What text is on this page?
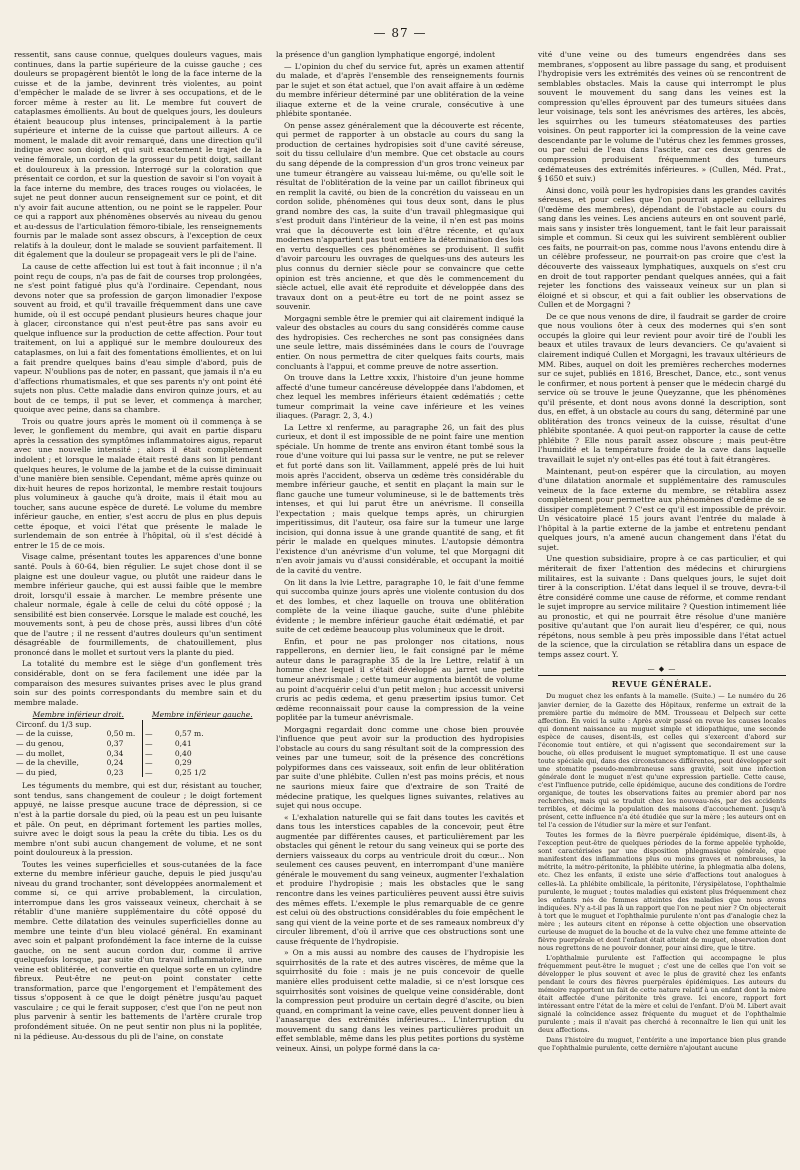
— 87 —

ressentit, sans cause connue, quelques douleurs vagues, mais continues, dans la partie supérieure de la cuisse gauche ; ces douleurs se propagèrent bientôt le long de la face interne de la cuisse et de la jambe, devinrent très violentes, au point d'empêcher le malade de se livrer à ses occupations, et de le forcer même à rester au lit. Le membre fut couvert de cataplasmes émollients. Au bout de quelques jours, les douleurs étaient beaucoup plus intenses, principalement à la partie supérieure et interne de la cuisse que partout ailleurs. A ce moment, le malade dit avoir remarqué, dans une direction qu'il indique avec son doigt, et qui suit exactement le trajet de la veine fémorale, un cordon de la grosseur du petit doigt, saillant et douloureux à la pression. Interrogé sur la coloration que présentait ce cordon, et sur la question de savoir si l'on voyait à la face interne du membre, des traces rouges ou violacées, le sujet ne peut donner aucun renseignement sur ce point, et dit n'y avoir fait aucune attention, ou ne point se le rappeler. Pour ce qui a rapport aux phénomènes observés au niveau du genou et au-dessus de l'articulation fémoro-tibiale, les renseignements fournis par le malade sont assez obscurs, à l'exception de ceux relatifs à la douleur, dont le malade se souvient parfaitement. Il dit également que la douleur se propageait vers le pli de l'aine.

La cause de cette affection lui est tout à fait inconnue ; il n'a point reçu de coups, n'a pas de fait de courses trop prolongées, ne s'est point fatigué plus qu'à l'ordinaire. Cependant, nous devons noter que sa profession de garçon limonadier l'expose souvent au froid, et qu'il travaille fréquemment dans une cave humide, où il est occupé pendant plusieurs heures chaque jour à glacer, circonstance qui n'est peut-être pas sans avoir eu quelque influence sur la production de cette affection. Pour tout traitement, on lui a appliqué sur le membre douloureux des cataplasmes, on lui a fait des fomentations émollientes, et on lui a fait prendre quelques bains d'eau simple d'abord, puis de vapeur. N'oublions pas de noter, en passant, que jamais il n'a eu d'affections rhumatismales, et que ses parents n'y ont point été sujets non plus. Cette maladie dans environ quinze jours, et au bout de ce temps, il put se lever, et commença à marcher, quoique avec peine, dans sa chambre.

Trois ou quatre jours après le moment où il commença à se lever, le gonflement du membre, qui avait en partie disparu après la cessation des symptômes inflammatoires aigus, reparut avec une nouvelle intensité ; alors il était complètement indolent ; et lorsque le malade était resté dans son lit pendant quelques heures, le volume de la jambe et de la cuisse diminuait d'une manière bien sensible. Cependant, même après quinze ou dix-huit heures de repos horizontal, le membre restait toujours plus volumineux à gauche qu'à droite, mais il était mou au toucher, sans aucune espèce de dureté. Le volume du membre inférieur gauche, en entier, s'est accru de plus en plus depuis cette époque, et voici l'état que présente le malade le surlendemain de son entrée à l'hôpital, où il s'est décidé à entrer le 15 de ce mois.

Visage calme, présentant toutes les apparences d'une bonne santé. Pouls à 60-64, bien régulier. Le sujet chose dont il se plaigne est une douleur vague, ou plutôt une raideur dans le membre inférieur gauche, qui est aussi faible que le membre droit, lorsqu'il essaie à marcher. Le membre présente une chaleur normale, égale à celle de celui du côté opposé ; la sensibilité est bien conservée. Lorsque le malade est couché, les mouvements sont, à peu de chose près, aussi libres d'un côté que de l'autre ; il ne ressent d'autres douleurs qu'un sentiment désagréable de fourmillements, de chatouillement, plus prononcé dans le mollet et surtout vers la plante du pied.

La totalité du membre est le siège d'un gonflement très considérable, dont on se fera facilement une idée par la comparaison des mesures suivantes prises avec le plus grand soin sur des points correspondants du membre sain et du membre malade.

Membre inférieur droit.		Membre inférieur gauche.	
Circonf. du 1/3 sup.			
— de la cuisse,	0,50 m.	—	0,57 m.
— du genou,	0,37	—	0,41
— du mollet,	0,34	—	0,40
— de la cheville,	0,24	—	0,29
— du pied,	0,23	—	0,25 1/2

Les téguments du membre, qui est dur, résistant au toucher, sont tendus, sans changement de couleur ; le doigt fortement appuyé, ne laisse presque aucune trace de dépression, si ce n'est à la partie dorsale du pied, où la peau est un peu luisante et pâle. On peut, en déprimant fortement les parties molles, suivre avec le doigt sous la peau la crête du tibia. Les os du membre n'ont subi aucun changement de volume, et ne sont point douloureux à la pression.

Toutes les veines superficielles et sous-cutanées de la face externe du membre inférieur gauche, depuis le pied jusqu'au niveau du grand trochanter, sont développées anormalement et comme si, ce qui arrive probablement, la circulation, interrompue dans les gros vaisseaux veineux, cherchait à se rétablir d'une manière supplémentaire du côté opposé du membre. Cette dilatation des veinules superficielles donne au membre une teinte d'un bleu violacé général. En examinant avec soin et palpant profondément la face interne de la cuisse gauche, on ne sent aucun cordon dur, comme il arrive quelquefois lorsque, par suite d'un travail inflammatoire, une veine est oblitérée, et convertie en quelque sorte en un cylindre fibreux. Peut-être ne peut-on point constater cette transformation, parce que l'engorgement et l'empâtement des tissus s'opposent à ce que le doigt pénètre jusqu'au paquet vasculaire ; ce qui le ferait supposer, c'est que l'on ne peut non plus parvenir à sentir les battements de l'artère crurale trop profondément située. On ne peut sentir non plus ni la poplitée, ni la pédieuse. Au-dessous du pli de l'aine, on constate

la présence d'un ganglion lymphatique engorgé, indolent

— L'opinion du chef du service fut, après un examen attentif du malade, et d'après l'ensemble des renseignements fournis par le sujet et son état actuel, que l'on avait affaire à un œdème du membre inférieur déterminé par une oblitération de la veine iliaque externe et de la veine crurale, consécutive à une phlébite spontanée.

On pense assez généralement que la découverte est récente, qui permet de rapporter à un obstacle au cours du sang la production de certaines hydropisies soit d'une cavité séreuse, soit du tissu cellulaire d'un membre. Que cet obstacle au cours du sang dépende de la compression d'un gros tronc veineux par une tumeur étrangère au vaisseau lui-même, ou qu'elle soit le résultat de l'oblitération de la veine par un caillot fibrineux qui en remplit la cavité, ou bien de la concrétion du vaisseau en un cordon solide, phénomènes qui tous deux sont, dans le plus grand nombre des cas, la suite d'un travail phlegmasique qui s'est produit dans l'intérieur de la veine, il n'en est pas moins vrai que la découverte est loin d'être récente, et qu'aux modernes n'appartient pas tout entière la détermination des lois en vertu desquelles ces phénomènes se produisent. Il suffit d'avoir parcouru les ouvrages de quelques-uns des auteurs les plus connus du dernier siècle pour se convaincre que cette opinion est très ancienne, et que dès le commencement du siècle actuel, elle avait été reproduite et développée dans des travaux dont on a peut-être eu tort de ne point assez se souvenir.

Morgagni semble être le premier qui ait clairement indiqué la valeur des obstacles au cours du sang considérés comme cause des hydropisies. Ces recherches ne sont pas consignées dans une seule lettre, mais disséminées dans le cours de l'ouvrage entier. On nous permettra de citer quelques faits courts, mais concluants à l'appui, et comme preuve de notre assertion.

On trouve dans la Lettre xxxix, l'histoire d'un jeune homme affecté d'une tumeur cancéreuse développée dans l'abdomen, et chez lequel les membres inférieurs étaient œdématiés ; cette tumeur comprimait la veine cave inférieure et les veines iliaques. (Paragr. 2, 3, 4.)

La Lettre xl renferme, au paragraphe 26, un fait des plus curieux, et dont il est impossible de ne point faire une mention spéciale. Un homme de trente ans environ étant tombé sous la roue d'une voiture qui lui passa sur le ventre, ne put se relever et fut porté dans son lit. Vaillamment, appelé près de lui huit mois après l'accident, observa un œdème très considérable du membre inférieur gauche, et sentit en plaçant la main sur le flanc gauche une tumeur volumineuse, si le de battements très intenses, et qui lui parut être un anévrisme. Il conseilla l'expectation ; mais quelque temps après, un chirurgien imperitissimus, dit l'auteur, osa faire sur la tumeur une large incision, qui donna issue à une grande quantité de sang, et fit périr le malade en quelques minutes. L'autopsie démontra l'existence d'un anévrisme d'un volume, tel que Morgagni dit n'en avoir jamais vu d'aussi considérable, et occupant la moitié de la cavité du ventre.

On lit dans la lvie Lettre, paragraphe 10, le fait d'une femme qui succomba quinze jours après une violente contusion du dos et des lombes, et chez laquelle on trouva une oblitération complète de la veine iliaque gauche, suite d'une phlébite évidente ; le membre inférieur gauche était œdématié, et par suite de cet œdème beaucoup plus volumineux que le droit.

Enfin, et pour ne pas prolonger nos citations, nous rappellerons, en dernier lieu, le fait consigné par le même auteur dans le paragraphe 35 de la lre Lettre, relatif à un homme chez lequel il s'était développé au jarret une petite tumeur anévrismale ; cette tumeur augmenta bientôt de volume au point d'acquérir celui d'un petit melon ; huc accessit universi cruris ac pedis œdema, et genu præsertim ipsius tumor. Cet œdème reconnaissait pour cause la compression de la veine poplitée par la tumeur anévrismale.

Morgagni regardait donc comme une chose bien prouvée l'influence que peut avoir sur la production des hydropisies l'obstacle au cours du sang résultant soit de la compression des veines par une tumeur, soit de la présence des concrétions polypiformes dans ces vaisseaux, soit enfin de leur oblitération par suite d'une phlébite. Cullen n'est pas moins précis, et nous ne saurions mieux faire que d'extraire de son Traité de médecine pratique, les quelques lignes suivantes, relatives au sujet qui nous occupe.

« L'exhalation naturelle qui se fait dans toutes les cavités et dans tous les interstices capables de la concevoir, peut être augmentée par différentes causes, et particulièrement par les obstacles qui gênent le retour du sang veineux qui se porte des derniers vaisseaux du corps au ventricule droit du cœur... Non seulement ces causes peuvent, en interrompant d'une manière générale le mouvement du sang veineux, augmenter l'exhalation et produire l'hydropisie ; mais les obstacles que le sang rencontre dans les veines particulières peuvent aussi être suivis des mêmes effets. L'exemple le plus remarquable de ce genre est celui où des obstructions considérables du foie empêchent le sang qui vient de la veine porte et de ses rameaux nombreux d'y circuler librement, d'où il arrive que ces obstructions sont une cause fréquente de l'hydropisie.

» On a mis aussi au nombre des causes de l'hydropisie les squirrhosités de la rate et des autres viscères, de même que la squirrhosité du foie : mais je ne puis concevoir de quelle manière elles produisent cette maladie, si ce n'est lorsque ces squirrhosités sont voisines de quelque veine considérable, dont la compression peut produire un certain degré d'ascite, ou bien quand, en comprimant la veine cave, elles peuvent donner lieu à l'anasarque des extrémités inférieures... L'interruption du mouvement du sang dans les veines particulières produit un effet semblable, même dans les plus petites portions du système veineux. Ainsi, un polype formé dans la ca-

vité d'une veine ou des tumeurs engendrées dans ses membranes, s'opposent au libre passage du sang, et produisent l'hydropisie vers les extrémités des veines où se rencontrent de semblables obstacles. Mais la cause qui interrompt le plus souvent le mouvement du sang dans les veines est la compression qu'elles éprouvent par des tumeurs situées dans leur voisinage, tels sont les anévrismes des artères, les abcès, les squirrhes ou les tumeurs stéatomateuses des parties voisines. On peut rapporter ici la compression de la veine cave descendante par le volume de l'utérus chez les femmes grosses, ou par celui de l'eau dans l'ascite, car ces deux genres de compression produisent fréquemment des tumeurs œdémateuses des extrémités inférieures. » (Cullen, Méd. Prat., § 1650 et suiv.)

Ainsi donc, voilà pour les hydropisies dans les grandes cavités séreuses, et pour celles que l'on pourrait appeler cellulaires (l'œdème des membres), dépendant de l'obstacle au cours du sang dans les veines. Les anciens auteurs en ont souvent parlé, mais sans y insister très longuement, tant le fait leur paraissait simple et commun. Si ceux qui les suivirent semblèrent oublier ces faits, ne pourrait-on pas, comme nous l'avons entendu dire à un célèbre professeur, ne pourrait-on pas croire que c'est la découverte des vaisseaux lymphatiques, auxquels on s'est cru en droit de tout rapporter pendant quelques années, qui a fait rejeter les fonctions des vaisseaux veineux sur un plan si éloigné et si obscur, et qui a fait oublier les observations de Cullen et de Morgagni ?

De ce que nous venons de dire, il faudrait se garder de croire que nous voulions ôter à ceux des modernes qui s'en sont occupés la gloire qui leur revient pour avoir tiré de l'oubli les beaux et utiles travaux de leurs devanciers. Ce qu'avaient si clairement indiqué Cullen et Morgagni, les travaux ultérieurs de MM. Ribes, auquel on doit les premières recherches modernes sur ce sujet, publiés en 1816, Breschet, Dance, etc., sont venus le confirmer, et nous portent à penser que le médecin chargé du service où se trouve le jeune Queyzanne, que les phénomènes qu'il présente, et dont nous avons donné la description, sont dus, en effet, à un obstacle au cours du sang, déterminé par une oblitération des troncs veineux de la cuisse, résultat d'une phlébite spontanée. A quoi peut-on rapporter la cause de cette phlébite ? Elle nous paraît assez obscure ; mais peut-être l'humidité et la température froide de la cave dans laquelle travaillait le sujet n'y ont-elles pas été tout à fait étrangères.

Maintenant, peut-on espérer que la circulation, au moyen d'une dilatation anormale et supplémentaire des ramuscules veineux de la face externe du membre, se rétablira assez complètement pour permettre aux phénomènes d'œdème de se dissiper complètement ? C'est ce qu'il est impossible de prévoir. Un vésicatoire placé 15 jours avant l'entrée du malade à l'hôpital à la partie externe de la jambe et entretenu pendant quelques jours, n'a amené aucun changement dans l'état du sujet.

Une question subsidiaire, propre à ce cas particulier, et qui mériterait de fixer l'attention des médecins et chirurgiens militaires, est la suivante : Dans quelques jours, le sujet doit tirer à la conscription. L'état dans lequel il se trouve, devra-t-il être considéré comme une cause de réforme, et comme rendant le sujet impropre au service militaire ? Question intimement liée au pronostic, et qui ne pourrait être résolue d'une manière positive qu'autant que l'on aurait lieu d'espérer, ce qui, nous répétons, nous semble à peu près impossible dans l'état actuel de la science, que la circulation se rétablira dans un espace de temps assez court. Y.

— ◆ —
REVUE GÉNÉRALE.

Du muguet chez les enfants à la mamelle. (Suite.) — Le numéro du 26 janvier dernier, de la Gazette des Hôpitaux, renferme un extrait de la première partie du mémoire de MM. Trousseau et Delpech sur cette affection. En voici la suite : Après avoir passé en revue les causes locales qui donnent naissance au muguet simple et idiopathique, une seconde espèce de causes, disent-ils, est celles qui s'exercent d'abord sur l'économie tout entière, et qui n'agissent que secondairement sur la bouche, où elles produisent le muguet symptomatique. Il est une cause toute spéciale qui, dans des circonstances différentes, peut développer soit une stomatite pseudo-membraneuse sans gravité, soit une infection générale dont le muguet n'est qu'une expression partielle. Cette cause, c'est l'influence putride, celle épidémique, aucune des conditions de l'ordre organique, de toutes les observations faites au premier abord par nos recherches, mais qui se traduit chez les nouveau-nés, par des accidents terribles, et décime la population des maisons d'accouchement. Jusqu'à présent, cette influence n'a été étudiée que sur la mère ; les auteurs ont en tel l'a cession de l'étudier sur la mère et sur l'enfant.

Toutes les formes de la fièvre puerpérale épidémique, disent-ils, à l'exception peut-être de quelques périodes de la forme appelée typhoïde, sont caractérisées par une disposition phlegmasique générale, que manifestent des inflammations plus ou moins graves et nombreuses, la métrite, la métro-péritonite, la phlébite utérine, la phlegmatia alba dolens, etc. Chez les enfants, il existe une série d'affections tout analogues à celles-là. La phlébite ombilicale, la péritonite, l'érysipèlatose, l'ophthalmie purulente, le muguet ; toutes maladies qui existent plus fréquemment chez les enfants nés de femmes atteintes des maladies que nous avons indiquées. N'y a-t-il pas là un rapport que l'on ne peut nier ? On objecterait à tort que le muguet et l'ophthalmie purulente n'ont pas d'analogie chez la mère ; les auteurs citent en réponse à cette objection une observation curieuse de muguet de la bouche et de la vulve chez une femme atteinte de fièvre puerpérale et dont l'enfant était atteint de muguet, observation dont nous regrettons de ne pouvoir donner, pour ainsi dire, que le titre.

L'ophthalmie purulente est l'affection qui accompagne le plus fréquemment peut-être le muguet ; c'est une de celles que l'on voit se développer le plus souvent et avec le plus de gravité chez les enfants pendant le cours des fièvres puerpérales épidémiques. Les auteurs du mémoire rapportent un fait de cette nature relatif à un enfant dont la mère était affectée d'une péritonite très grave. Ici encore, rapport fort intéressant entre l'état de la mère et celui de l'enfant. D'où M. Libert avait signalé la coïncidence assez fréquente du muguet et de l'ophthalmie purulente ; mais il n'avait pas cherché à reconnaître le lien qui unit les deux affections.

Dans l'histoire du muguet, l'entérite a une importance bien plus grande que l'ophthalmie purulente, cette dernière n'ajoutant aucune
